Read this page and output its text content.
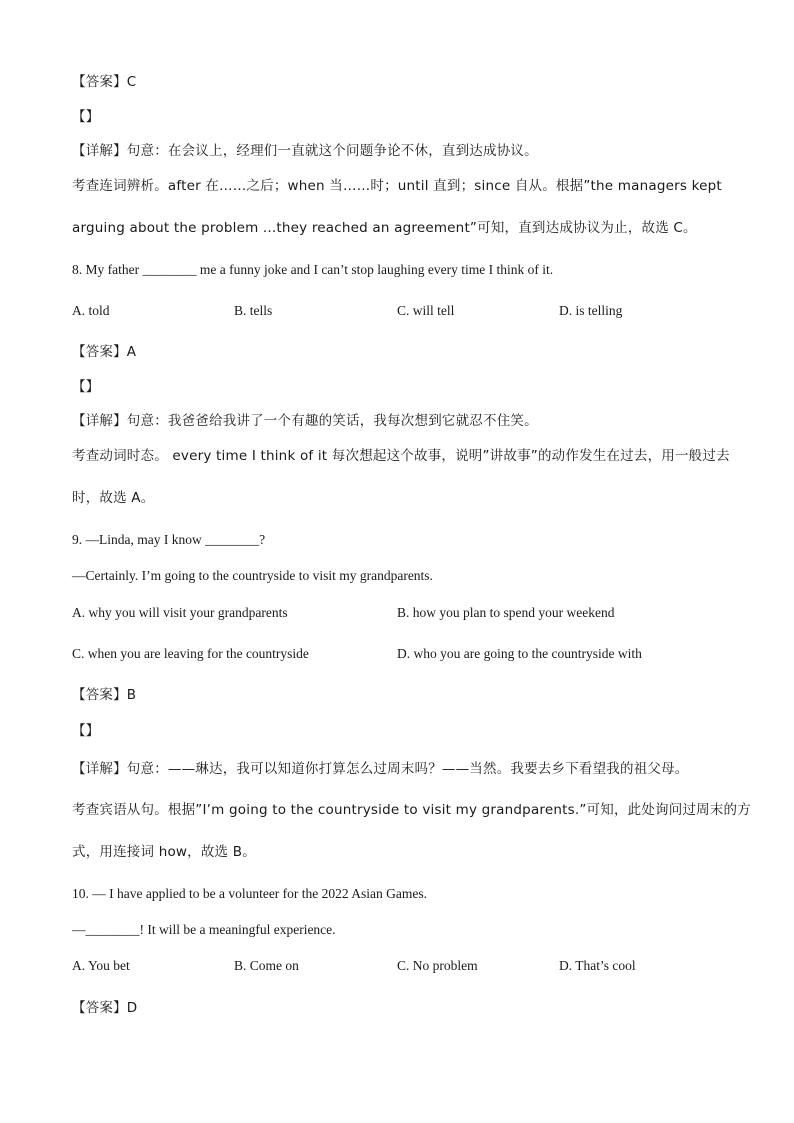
【答案】C
【】
【详解】句意：在会议上，经理们一直就这个问题争论不休，直到达成协议。
考查连词辨析。after 在……之后；when 当……时；until 直到；since 自从。根据”the managers kept
arguing about the problem ...they reached an agreement”可知，直到达成协议为止，故选 C。
8. My father ________ me a funny joke and I can’t stop laughing every time I think of it.
A. told	B. tells	C. will tell	D. is telling
【答案】A
【】
【详解】句意：我爸爸给我讲了一个有趣的笑话，我每次想到它就忍不住笑。
考查动词时态。 every time I think of it 每次想起这个故事，说明”讲故事”的动作发生在过去，用一般过去
时，故选 A。
9. —Linda, may I know ________?
—Certainly. I’m going to the countryside to visit my grandparents.
A. why you will visit your grandparents	B. how you plan to spend your weekend
C. when you are leaving for the countryside	D. who you are going to the countryside with
【答案】B
【】
【详解】句意：——琳达，我可以知道你打算怎么过周末吗？——当然。我要去乡下看望我的祖父母。
考查宾语从句。根据”I’m going to the countryside to visit my grandparents.”可知，此处询问过周末的方
式，用连接词 how，故选 B。
10. — I have applied to be a volunteer for the 2022 Asian Games.
—________! It will be a meaningful experience.
A. You bet	B. Come on	C. No problem	D. That’s cool
【答案】D
